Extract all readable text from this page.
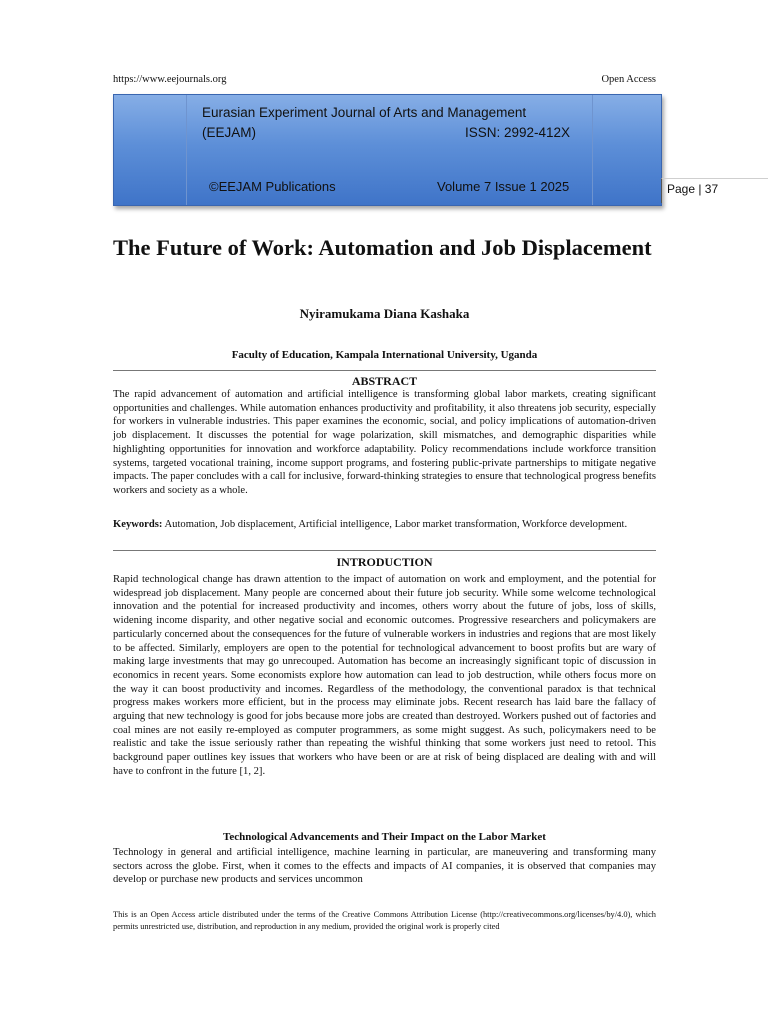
https://www.eejournals.org	Open Access
Eurasian Experiment Journal of Arts and Management
(EEJAM)	ISSN: 2992-412X
©EEJAM Publications	Volume 7 Issue 1 2025	Page | 37
The Future of Work: Automation and Job Displacement
Nyiramukama Diana Kashaka
Faculty of Education, Kampala International University, Uganda
ABSTRACT

The rapid advancement of automation and artificial intelligence is transforming global labor markets, creating significant opportunities and challenges. While automation enhances productivity and profitability, it also threatens job security, especially for workers in vulnerable industries. This paper examines the economic, social, and policy implications of automation-driven job displacement. It discusses the potential for wage polarization, skill mismatches, and demographic disparities while highlighting opportunities for innovation and workforce adaptability. Policy recommendations include workforce transition systems, targeted vocational training, income support programs, and fostering public-private partnerships to mitigate negative impacts. The paper concludes with a call for inclusive, forward-thinking strategies to ensure that technological progress benefits workers and society as a whole.

Keywords: Automation, Job displacement, Artificial intelligence, Labor market transformation, Workforce development.

INTRODUCTION

Rapid technological change has drawn attention to the impact of automation on work and employment, and the potential for widespread job displacement. Many people are concerned about their future job security. While some welcome technological innovation and the potential for increased productivity and incomes, others worry about the future of jobs, loss of skills, widening income disparity, and other negative social and economic outcomes. Progressive researchers and policymakers are particularly concerned about the consequences for the future of vulnerable workers in industries and regions that are most likely to be affected. Similarly, employers are open to the potential for technological advancement to boost profits but are wary of making large investments that may go unrecouped. Automation has become an increasingly significant topic of discussion in economics in recent years. Some economists explore how automation can lead to job destruction, while others focus more on the way it can boost productivity and incomes. Regardless of the methodology, the conventional paradox is that technical progress makes workers more efficient, but in the process may eliminate jobs. Recent research has laid bare the fallacy of arguing that new technology is good for jobs because more jobs are created than destroyed. Workers pushed out of factories and coal mines are not easily re-employed as computer programmers, as some might suggest. As such, policymakers need to be realistic and take the issue seriously rather than repeating the wishful thinking that some workers just need to retool. This background paper outlines key issues that workers who have been or are at risk of being displaced are dealing with and will have to confront in the future [1, 2].

Technological Advancements and Their Impact on the Labor Market

Technology in general and artificial intelligence, machine learning in particular, are maneuvering and transforming many sectors across the globe. First, when it comes to the effects and impacts of AI companies, it is observed that companies may develop or purchase new products and services uncommon

This is an Open Access article distributed under the terms of the Creative Commons Attribution License (http://creativecommons.org/licenses/by/4.0), which permits unrestricted use, distribution, and reproduction in any medium, provided the original work is properly cited
